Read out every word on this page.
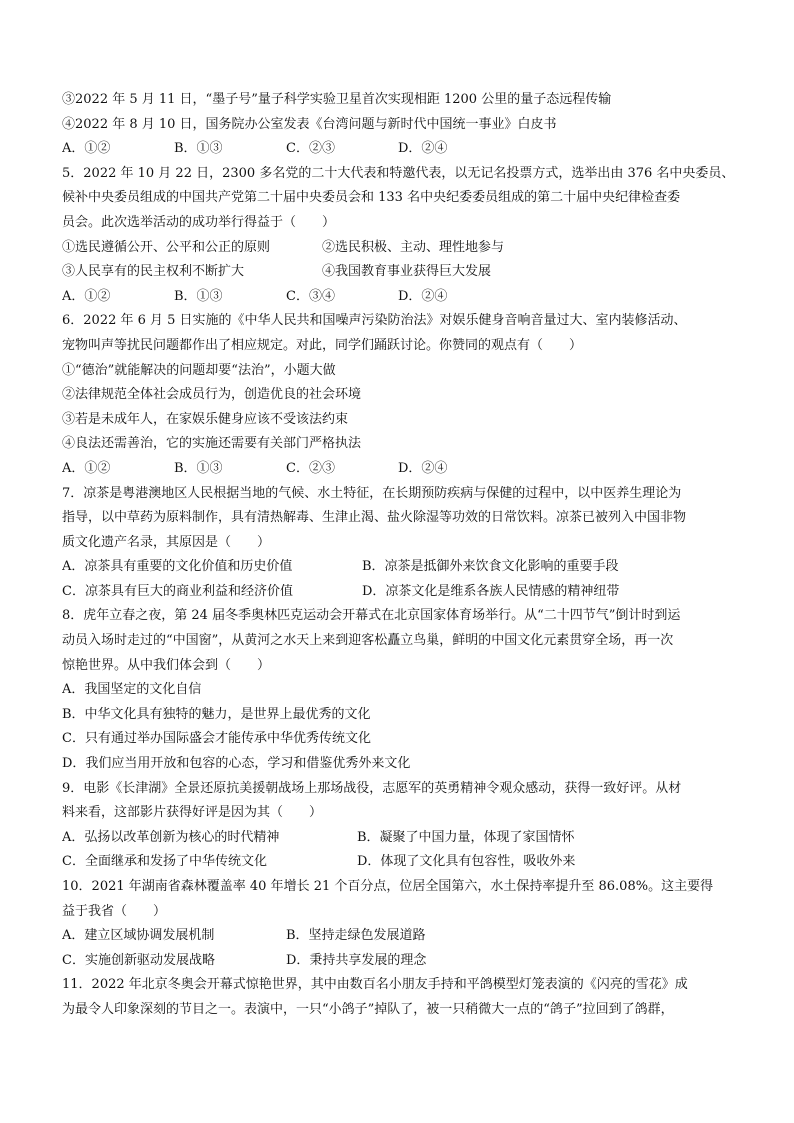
③2022 年 5 月 11 日，“墨子号”量子科学实验卫星首次实现相距 1200 公里的量子态远程传输
④2022 年 8 月 10 日，国务院办公室发表《台湾问题与新时代中国统一事业》白皮书
A．①②	B．①③	C．②③	D．②④
5．2022 年 10 月 22 日，2300 多名党的二十大代表和特邀代表，以无记名投票方式，选举出由 376 名中央委员、
候补中央委员组成的中国共产党第二十届中央委员会和 133 名中央纪委委员组成的第二十届中央纪律检查委
员会。此次选举活动的成功举行得益于（　　）
①选民遵循公开、公平和公正的原则	②选民积极、主动、理性地参与
③人民享有的民主权利不断扩大	④我国教育事业获得巨大发展
A．①②	B．①③	C．③④	D．②④
6．2022 年 6 月 5 日实施的《中华人民共和国噪声污染防治法》对娱乐健身音响音量过大、室内装修活动、
宠物叫声等扰民问题都作出了相应规定。对此，同学们踊跃讨论。你赞同的观点有（　　）
①“德治”就能解决的问题却要“法治”，小题大做
②法律规范全体社会成员行为，创造优良的社会环境
③若是未成年人，在家娱乐健身应该不受该法约束
④良法还需善治，它的实施还需要有关部门严格执法
A．①②	B．①③	C．②③	D．②④
7．凉茶是粤港澳地区人民根据当地的气候、水土特征，在长期预防疾病与保健的过程中，以中医养生理论为
指导，以中草药为原料制作，具有清热解毒、生津止渴、盐火除湿等功效的日常饮料。凉茶已被列入中国非物
质文化遗产名录，其原因是（　　）
A．凉茶具有重要的文化价值和历史价值	B．凉茶是抵御外来饮食文化影响的重要手段
C．凉茶具有巨大的商业利益和经济价值	D．凉茶文化是维系各族人民情感的精神纽带
8．虎年立春之夜，第 24 届冬季奥林匹克运动会开幕式在北京国家体育场举行。从“二十四节气”倒计时到运
动员入场时走过的“中国窗”，从黄河之水天上来到迎客松矗立鸟巢，鲜明的中国文化元素贯穿全场，再一次
惊艳世界。从中我们体会到（　　）
A．我国坚定的文化自信
B．中华文化具有独特的魅力，是世界上最优秀的文化
C．只有通过举办国际盛会才能传承中华优秀传统文化
D．我们应当用开放和包容的心态，学习和借鉴优秀外来文化
9．电影《长津湖》全景还原抗美援朝战场上那场战役，志愿军的英勇精神令观众感动，获得一致好评。从材
料来看，这部影片获得好评是因为其（　　）
A．弘扬以改革创新为核心的时代精神	B．凝聚了中国力量，体现了家国情怀
C．全面继承和发扬了中华传统文化	D．体现了文化具有包容性，吸收外来
10．2021 年湖南省森林覆盖率 40 年增长 21 个百分点，位居全国第六，水土保持率提升至 86.08%。这主要得
益于我省（　　）
A．建立区域协调发展机制	B．坚持走绿色发展道路
C．实施创新驱动发展战略	D．秉持共享发展的理念
11．2022 年北京冬奥会开幕式惊艳世界，其中由数百名小朋友手持和平鸽模型灯笼表演的《闪亮的雪花》成
为最令人印象深刻的节目之一。表演中，一只“小鸽子”掉队了，被一只稍微大一点的“鸽子”拉回到了鸽群，
